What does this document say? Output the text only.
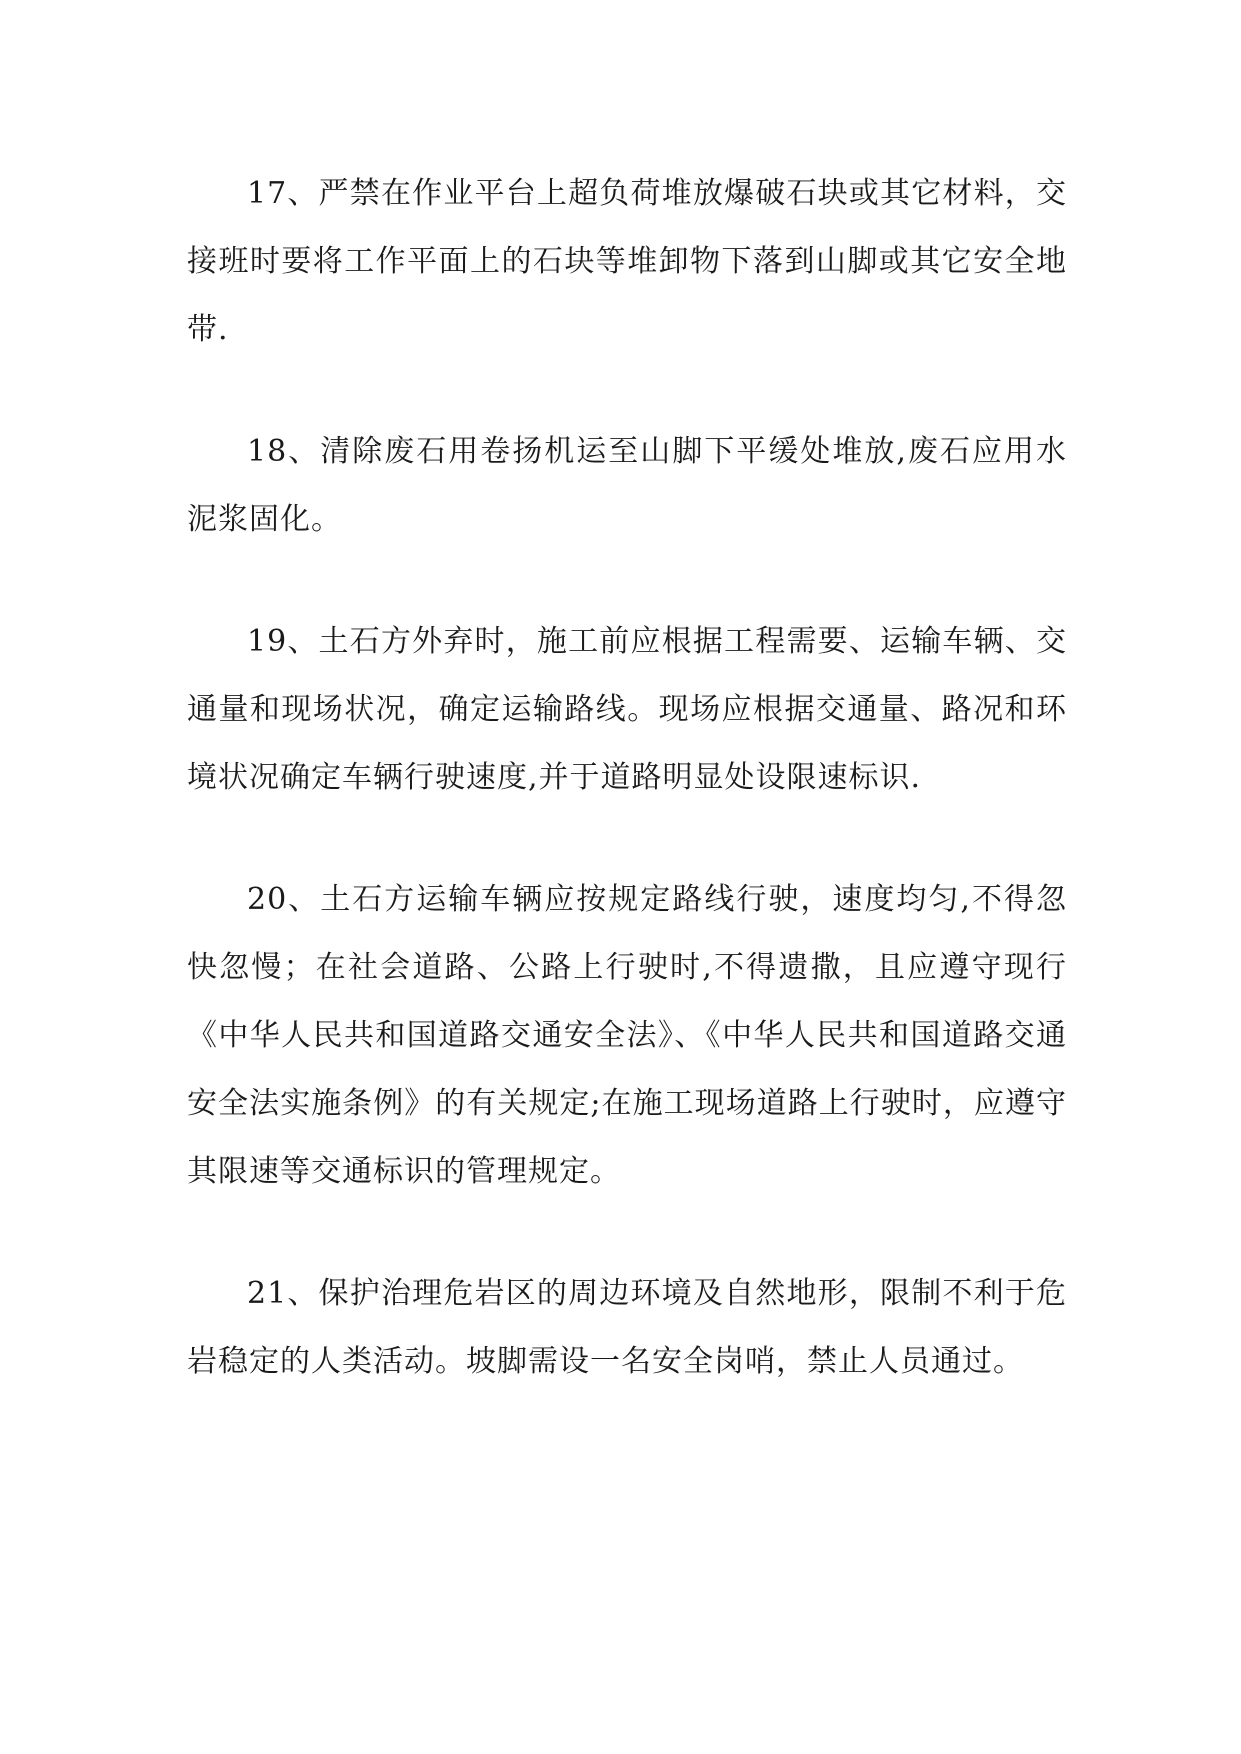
17、严禁在作业平台上超负荷堆放爆破石块或其它材料，交接班时要将工作平面上的石块等堆卸物下落到山脚或其它安全地带.

18、清除废石用卷扬机运至山脚下平缓处堆放,废石应用水泥浆固化。

19、土石方外弃时，施工前应根据工程需要、运输车辆、交通量和现场状况，确定运输路线。现场应根据交通量、路况和环境状况确定车辆行驶速度,并于道路明显处设限速标识.

20、土石方运输车辆应按规定路线行驶，速度均匀,不得忽快忽慢；在社会道路、公路上行驶时,不得遗撒，且应遵守现行《中华人民共和国道路交通安全法》、《中华人民共和国道路交通安全法实施条例》的有关规定;在施工现场道路上行驶时，应遵守其限速等交通标识的管理规定。

21、保护治理危岩区的周边环境及自然地形，限制不利于危岩稳定的人类活动。坡脚需设一名安全岗哨，禁止人员通过。
